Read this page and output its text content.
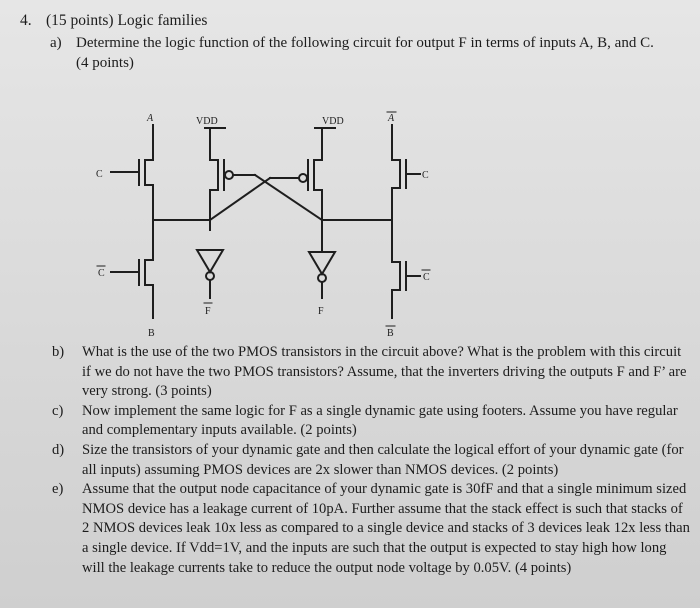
4. (15 points) Logic families
a) Determine the logic function of the following circuit for output F in terms of inputs A, B, and C.
(4 points)
A	VDD	VDD	A
C	C
C	C
F	F
B	B
b)	What is the use of the two PMOS transistors in the circuit above? What is the problem with this circuit if we do not have the two PMOS transistors? Assume, that the inverters driving the outputs F and F’ are very strong. (3 points)
c)	Now implement the same logic for F as a single dynamic gate using footers. Assume you have regular and complementary inputs available. (2 points)
d)	Size the transistors of your dynamic gate and then calculate the logical effort of your dynamic gate (for all inputs) assuming PMOS devices are 2x slower than NMOS devices. (2 points)
e)	Assume that the output node capacitance of your dynamic gate is 30fF and that a single minimum sized NMOS device has a leakage current of 10pA. Further assume that the stack effect is such that stacks of 2 NMOS devices leak 10x less as compared to a single device and stacks of 3 devices leak 12x less than a single device. If Vdd=1V, and the inputs are such that the output is expected to stay high how long will the leakage currents take to reduce the output node voltage by 0.05V. (4 points)
